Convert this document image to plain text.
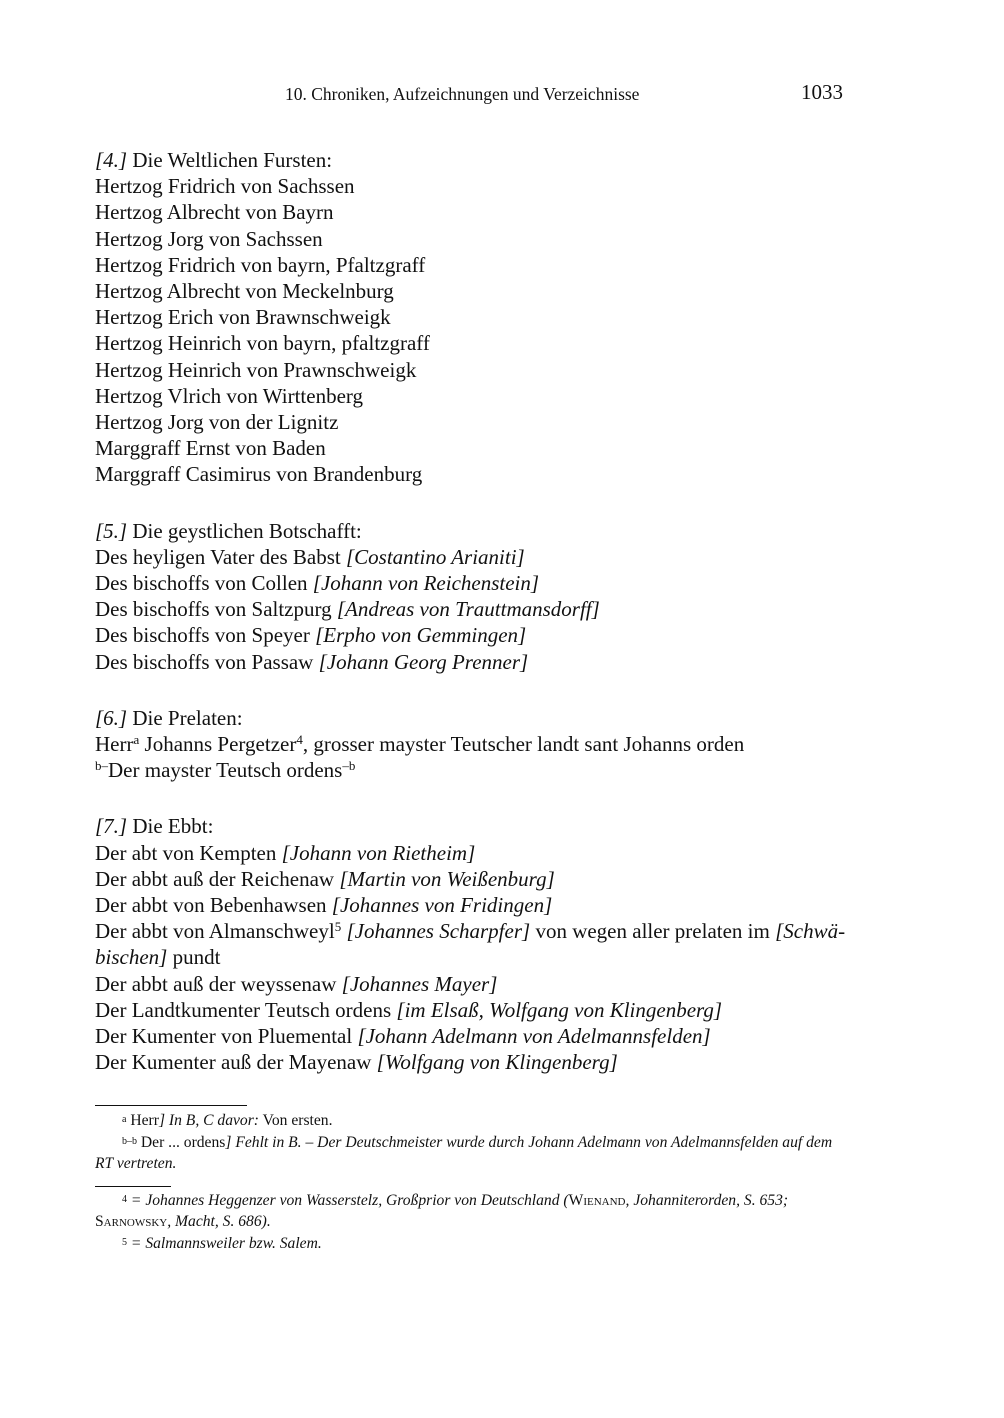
10. Chroniken, Aufzeichnungen und Verzeichnisse	1033
[4.] Die Weltlichen Fursten:
Hertzog Fridrich von Sachssen
Hertzog Albrecht von Bayrn
Hertzog Jorg von Sachssen
Hertzog Fridrich von bayrn, Pfaltzgraff
Hertzog Albrecht von Meckelnburg
Hertzog Erich von Brawnschweigk
Hertzog Heinrich von bayrn, pfaltzgraff
Hertzog Heinrich von Prawnschweigk
Hertzog Vlrich von Wirttenberg
Hertzog Jorg von der Lignitz
Marggraff Ernst von Baden
Marggraff Casimirus von Brandenburg
[5.] Die geystlichen Botschafft:
Des heyligen Vater des Babst [Costantino Arianiti]
Des bischoffs von Collen [Johann von Reichenstein]
Des bischoffs von Saltzpurg [Andreas von Trauttmansdorff]
Des bischoffs von Speyer [Erpho von Gemmingen]
Des bischoffs von Passaw [Johann Georg Prenner]
[6.] Die Prelaten:
Herr$^a$ Johanns Pergetzer$^4$, grosser mayster Teutscher landt sant Johanns orden
$^{b-}$Der mayster Teutsch ordens$^{-b}$
[7.] Die Ebbt:
Der abt von Kempten [Johann von Rietheim]
Der abbt auß der Reichenaw [Martin von Weißenburg]
Der abbt von Bebenhawsen [Johannes von Fridingen]
Der abbt von Almanschweyl$^5$ [Johannes Scharpfer] von wegen aller prelaten im [Schwä-
bischen] pundt
Der abbt auß der weyssenaw [Johannes Mayer]
Der Landtkumenter Teutsch ordens [im Elsaß, Wolfgang von Klingenberg]
Der Kumenter von Pluemental [Johann Adelmann von Adelmannsfelden]
Der Kumenter auß der Mayenaw [Wolfgang von Klingenberg]
a Herr] In B, C davor: Von ersten.
b–b Der ... ordens] Fehlt in B. – Der Deutschmeister wurde durch Johann Adelmann von Adelmannsfelden auf dem RT vertreten.
4 = Johannes Heggenzer von Wasserstelz, Großprior von Deutschland (Wienand, Johanniterorden, S. 653; Sarnowsky, Macht, S. 686).
5 = Salmannsweiler bzw. Salem.
